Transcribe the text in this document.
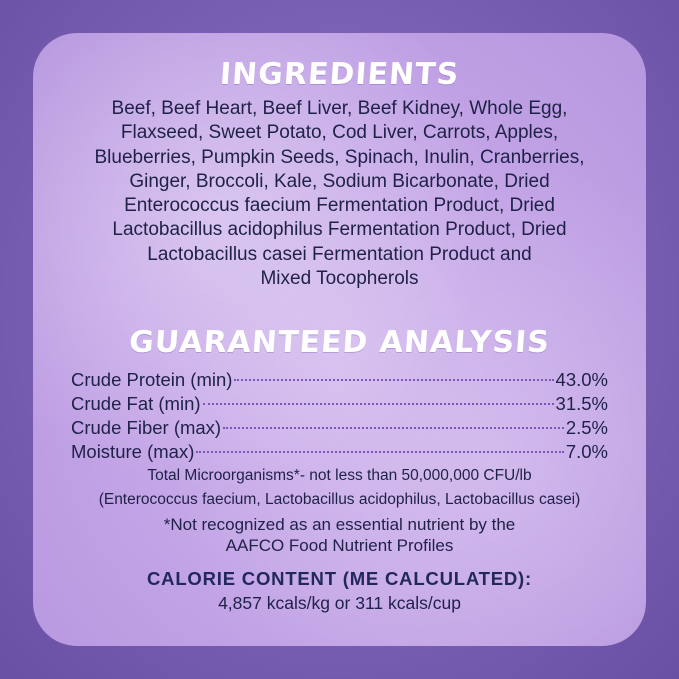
INGREDIENTS
Beef, Beef Heart, Beef Liver, Beef Kidney, Whole Egg,
Flaxseed, Sweet Potato, Cod Liver, Carrots, Apples,
Blueberries, Pumpkin Seeds, Spinach, Inulin, Cranberries,
Ginger, Broccoli, Kale, Sodium Bicarbonate, Dried
Enterococcus faecium Fermentation Product, Dried
Lactobacillus acidophilus Fermentation Product, Dried
Lactobacillus casei Fermentation Product and
Mixed Tocopherols
GUARANTEED ANALYSIS
Crude Protein (min)	43.0%
Crude Fat (min)	31.5%
Crude Fiber (max)	2.5%
Moisture (max)	7.0%
Total Microorganisms*- not less than 50,000,000 CFU/lb
(Enterococcus faecium, Lactobacillus acidophilus, Lactobacillus casei)
*Not recognized as an essential nutrient by the
AAFCO Food Nutrient Profiles
CALORIE CONTENT (ME CALCULATED):
4,857 kcals/kg or 311 kcals/cup
